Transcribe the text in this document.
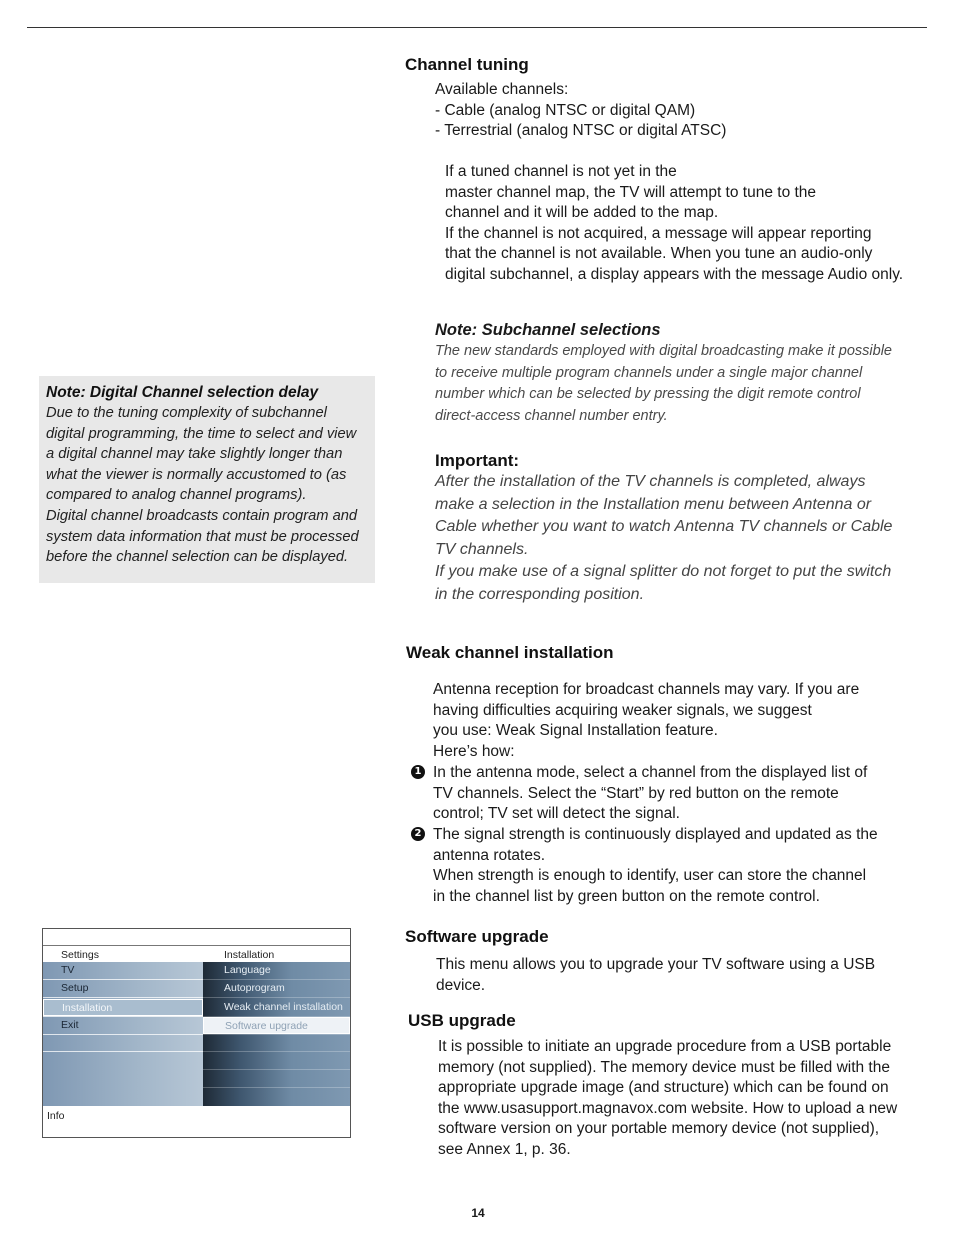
Channel tuning
Available channels:
- Cable (analog NTSC or digital QAM)
- Terrestrial (analog NTSC or digital ATSC)
If a tuned channel is not yet in the
master channel map, the TV will attempt to tune to the
channel and it will be added to the map.
If the channel is not acquired, a message will appear reporting
that the channel is not available. When you tune an audio-only
digital subchannel, a display appears with the message Audio only.
Note: Subchannel selections
The new standards employed with digital broadcasting make it possible
to receive multiple program channels under a single major channel
number which can be selected by pressing the digit remote control
direct-access channel number entry.
Note: Digital Channel selection delay
Due to the tuning complexity of subchannel
digital programming, the time to select and view
a digital channel may take slightly longer than
what the viewer is normally accustomed to (as
compared to analog channel programs).
Digital channel broadcasts contain program and
system data information that must be processed
before the channel selection can be displayed.
Important:
After the installation of the TV channels is completed, always
make a selection in the Installation menu between Antenna or
Cable whether you want to watch Antenna TV channels or Cable
TV channels.
If you make use of a signal splitter do not forget to put the switch
in the corresponding position.
Weak channel installation
Antenna reception for broadcast channels may vary. If you are
having difficulties acquiring weaker signals, we suggest
you use: Weak Signal Installation feature.
Here’s how:
1 In the antenna mode, select a channel from the displayed list of
TV channels. Select the “Start” by red button on the remote
control; TV set will detect the signal.
2 The signal strength is continuously displayed and updated as the
antenna rotates.
When strength is enough to identify, user can store the channel
in the channel list by green button on the remote control.
Software upgrade
This menu allows you to upgrade your TV software using a USB
device.
USB upgrade
It is possible to initiate an upgrade procedure from a USB portable
memory (not supplied). The memory device must be filled with the
appropriate upgrade image (and structure) which can be found on
the www.usasupport.magnavox.com website. How to upload a new
software version on your portable memory device (not supplied),
see Annex 1, p. 36.
Settings	Installation
TV
Setup
Installation
Exit
Language
Autoprogram
Weak channel installation
Software upgrade
Info
14
